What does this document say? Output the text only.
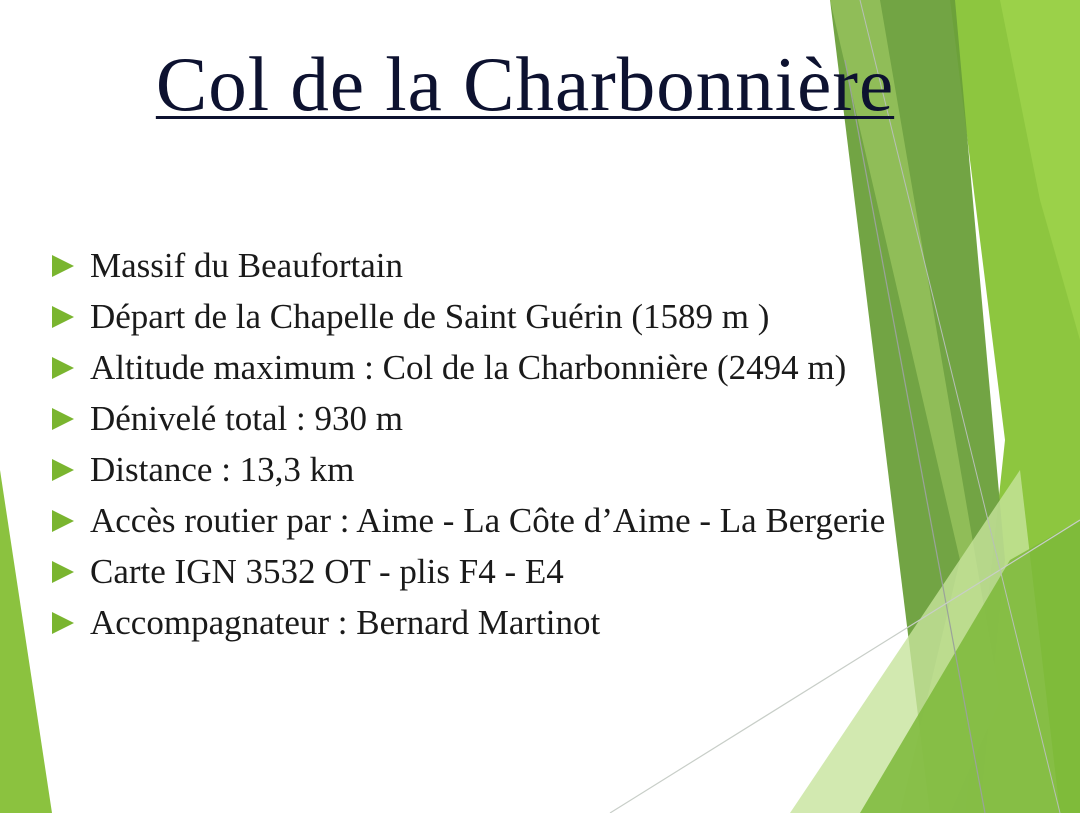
Col de la Charbonnière
Massif du Beaufortain
Départ de la Chapelle de Saint Guérin (1589 m )
Altitude maximum : Col de la Charbonnière (2494 m)
Dénivelé total : 930 m
Distance : 13,3 km
Accès routier par : Aime - La Côte d’Aime - La Bergerie
Carte IGN 3532 OT - plis F4 - E4
Accompagnateur : Bernard Martinot
